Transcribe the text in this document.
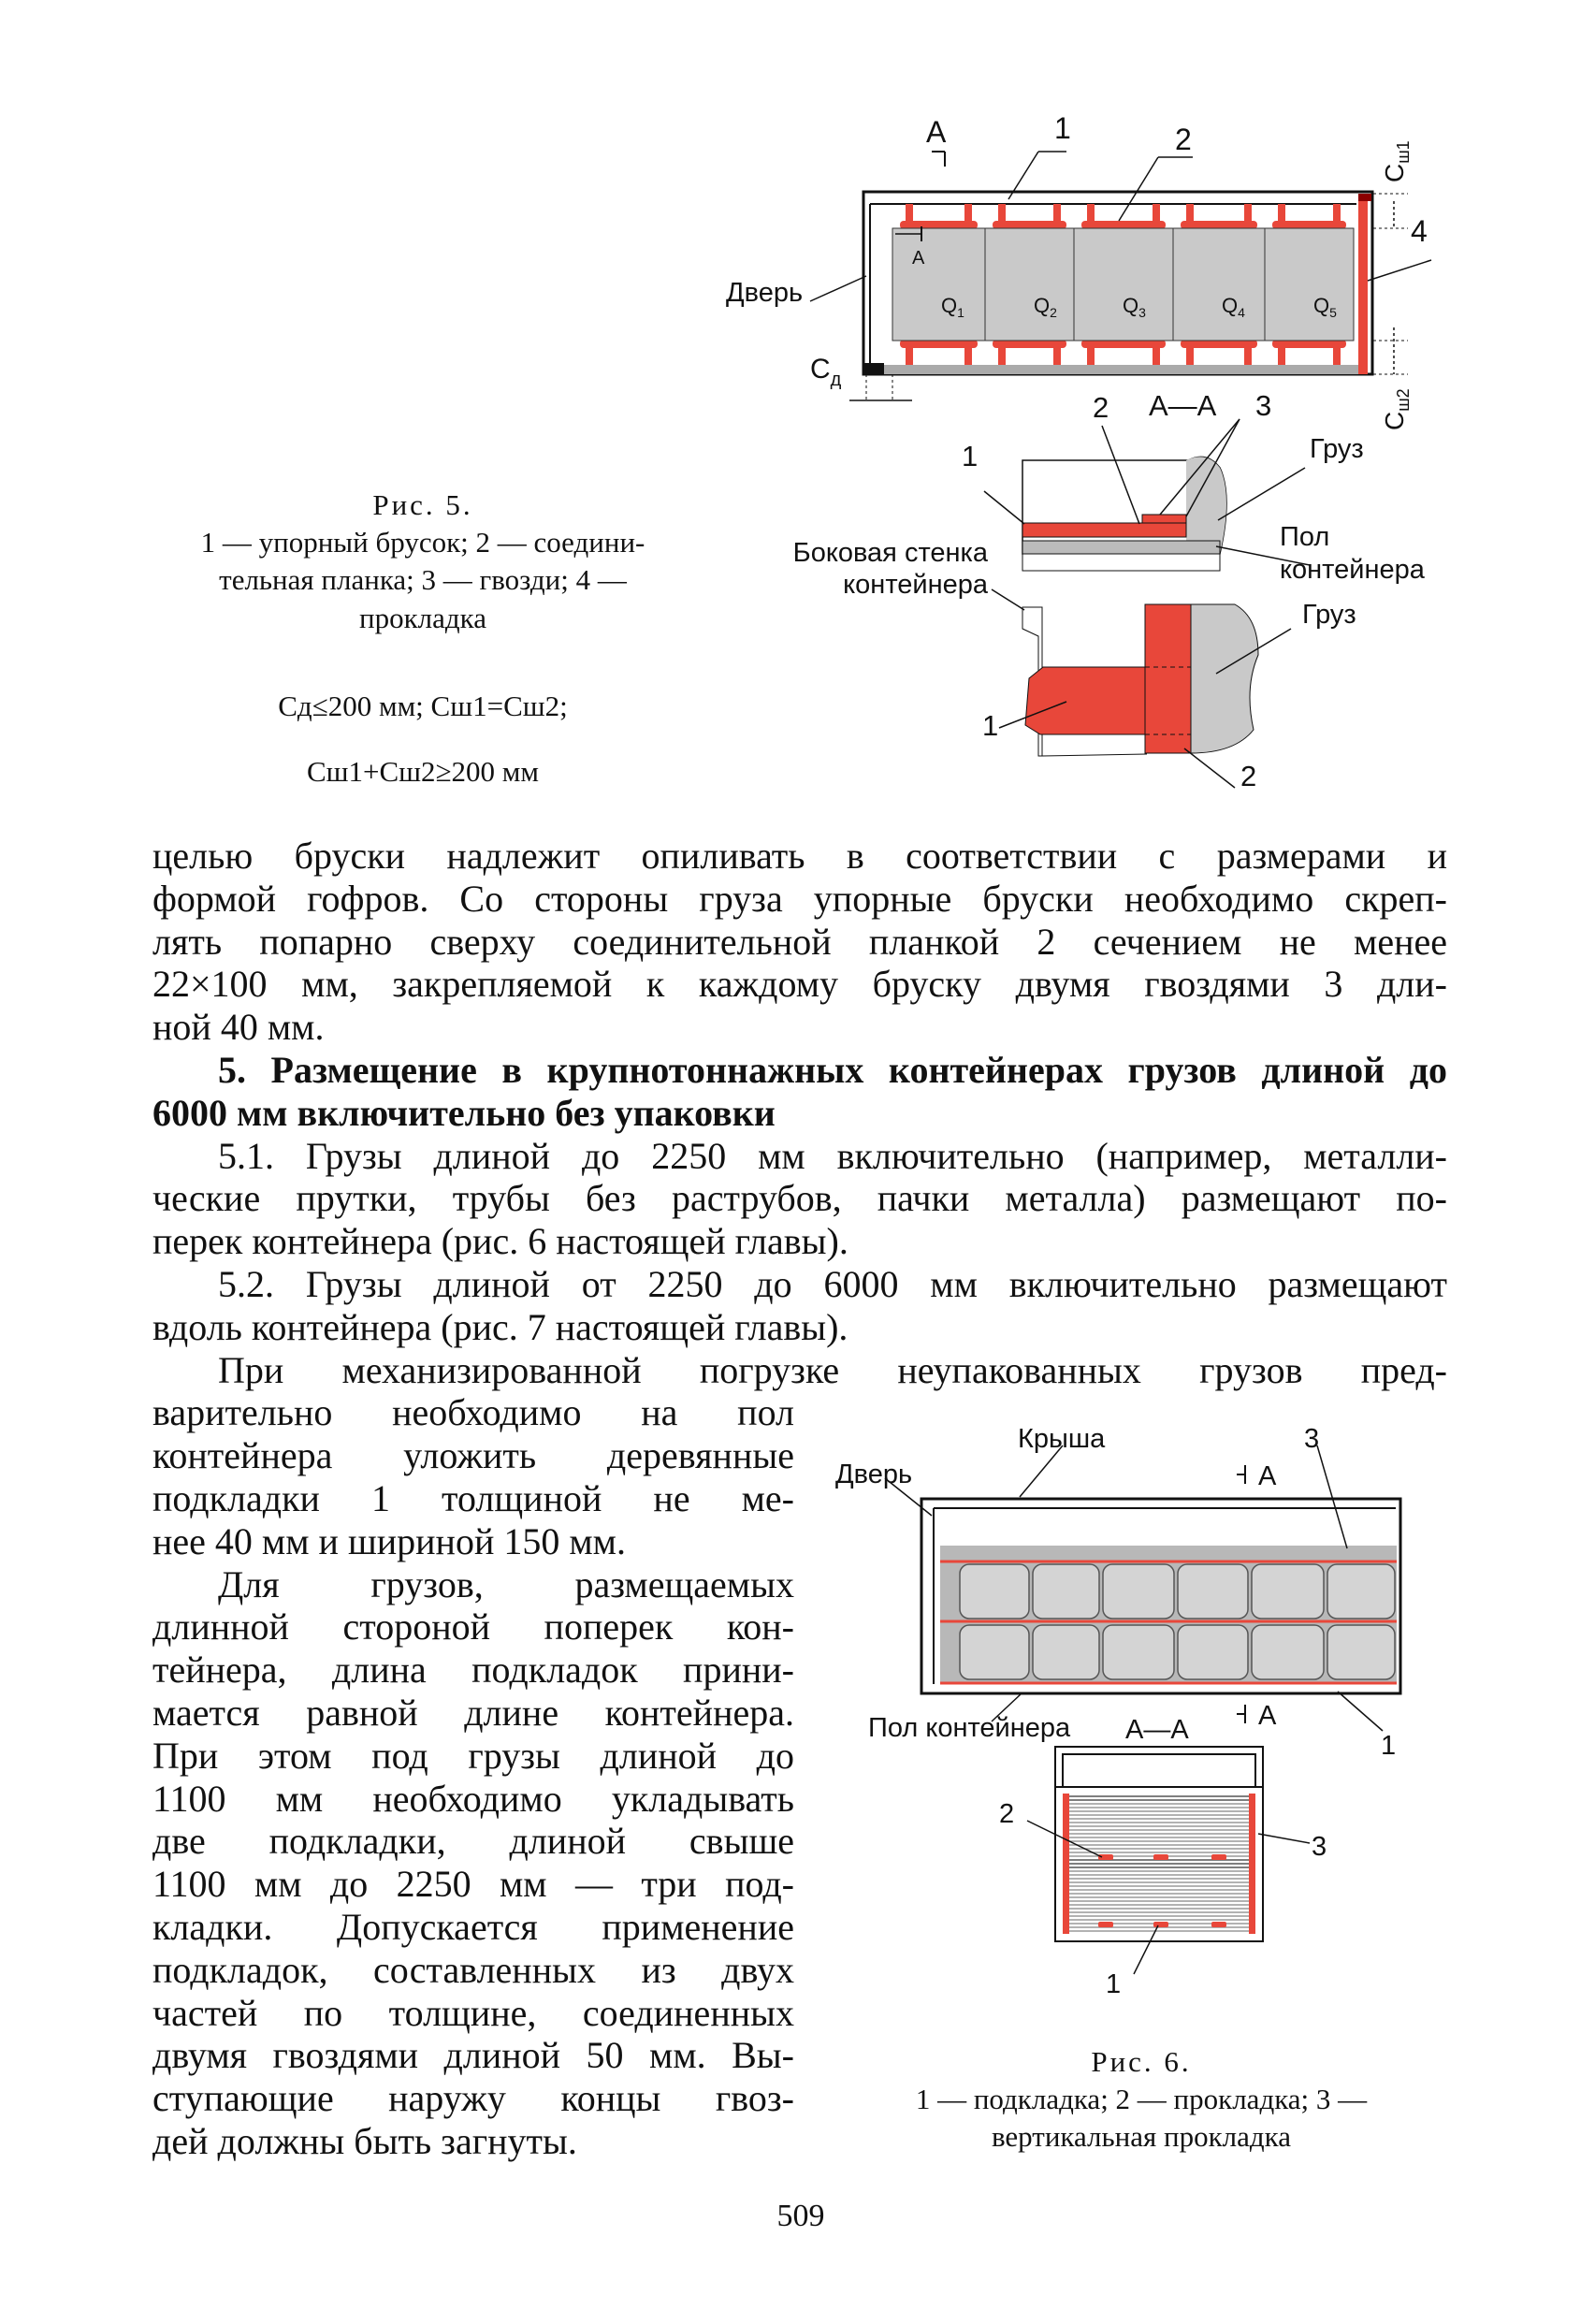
А	1	2
4
Дверь
$С_д$
$С_{ш1}$
$С_{ш2}$
А
$Q_1$	$Q_2$	$Q_3$	$Q_4$	$Q_5$
А—А
2	3
1	Груз
Пол
контейнера
Боковая стенка
контейнера
Груз
1
2
Крыша
Дверь
3
А
Пол контейнера А—А	А
1
2
3
1
Рис. 5.
1 — упорный брусок; 2 — соедини-
тельная планка; 3 — гвозди; 4 —
прокладка
Сд≤200 мм; Сш1=Сш2;
Сш1+Сш2≥200 мм
целью бруски надлежит опиливать в соответствии с размерами и
формой гофров. Со стороны груза упорные бруски необходимо скреп-
лять попарно сверху соединительной планкой 2 сечением не менее
22×100 мм, закрепляемой к каждому бруску двумя гвоздями 3 дли-
ной 40 мм.
5. Размещение в крупнотоннажных контейнерах грузов длиной до
6000 мм включительно без упаковки
5.1. Грузы длиной до 2250 мм включительно (например, металли-
ческие прутки, трубы без раструбов, пачки металла) размещают по-
перек контейнера (рис. 6 настоящей главы).
5.2. Грузы длиной от 2250 до 6000 мм включительно размещают
вдоль контейнера (рис. 7 настоящей главы).
При механизированной погрузке неупакованных грузов пред-
варительно необходимо на пол
контейнера уложить деревянные
подкладки 1 толщиной не ме-
нее 40 мм и шириной 150 мм.
Для грузов, размещаемых
длинной стороной поперек кон-
тейнера, длина подкладок прини-
мается равной длине контейнера.
При этом под грузы длиной до
1100 мм необходимо укладывать
две подкладки, длиной свыше
1100 мм до 2250 мм — три под-
кладки. Допускается применение
подкладок, составленных из двух
частей по толщине, соединенных
двумя гвоздями длиной 50 мм. Вы-
ступающие наружу концы гвоз-
дей должны быть загнуты.
Рис. 6.
1 — подкладка; 2 — прокладка; 3 —
вертикальная прокладка
509
